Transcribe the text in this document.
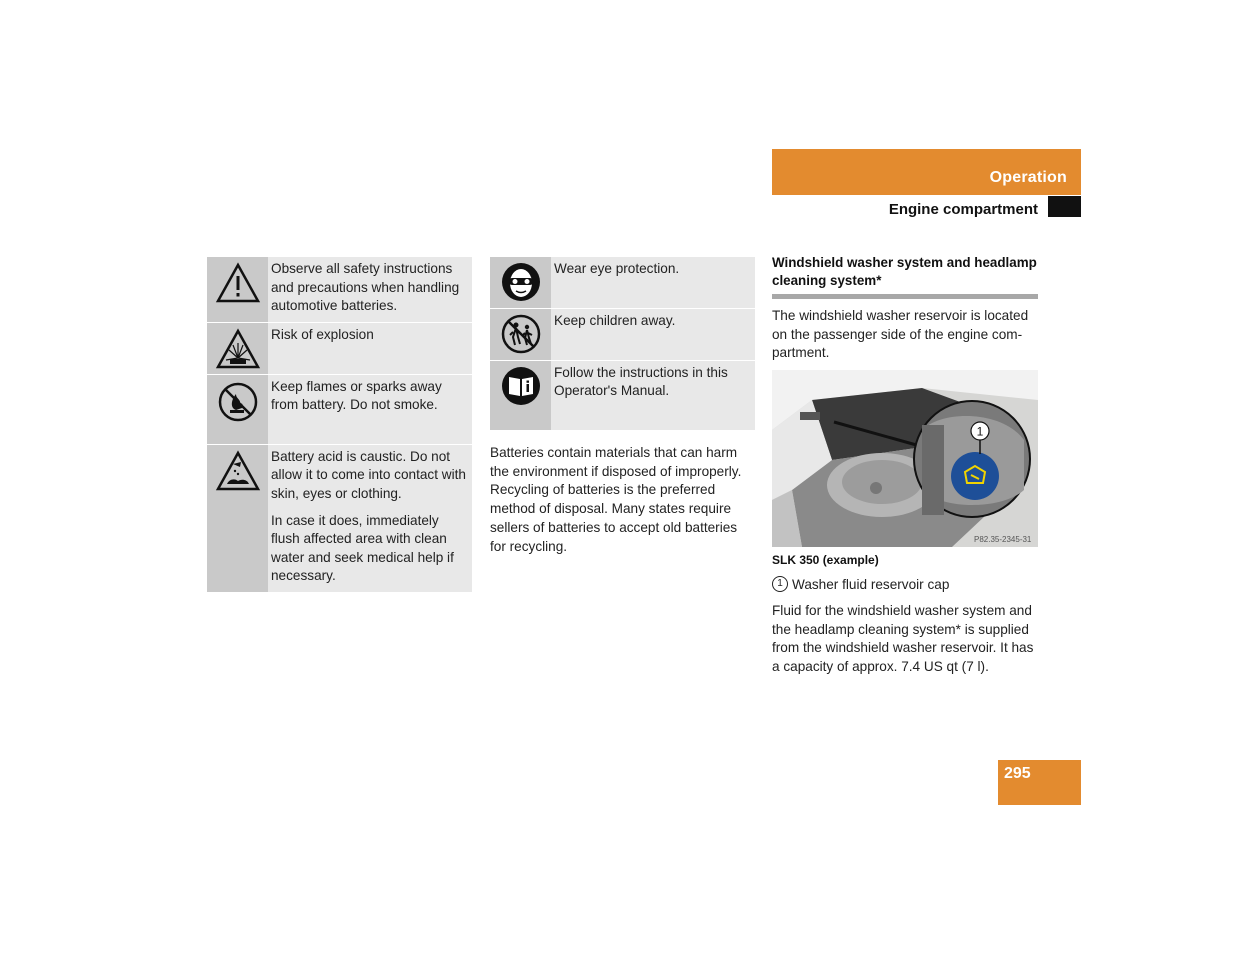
Operation
Engine compartment

Observe all safety instructions and precautions when handling automotive batteries.

Risk of explosion

Keep flames or sparks away from battery. Do not smoke.

Battery acid is caustic. Do not allow it to come into contact with skin, eyes or clothing.

In case it does, immediately flush affected area with clean water and seek medical help if necessary.

Wear eye protection.

Keep children away.

Follow the instructions in this Operator's Manual.

Batteries contain materials that can harm the environment if disposed of improperly. Recycling of batteries is the preferred method of disposal. Many states require sellers of batteries to accept old batteries for recycling.

Windshield washer system and headlamp cleaning system*

The windshield washer reservoir is located on the passenger side of the engine com-partment.

1
P82.35-2345-31
SLK 350 (example)
1 Washer fluid reservoir cap

Fluid for the windshield washer system and the headlamp cleaning system* is supplied from the windshield washer reservoir. It has a capacity of approx. 7.4 US qt (7 l).

295
